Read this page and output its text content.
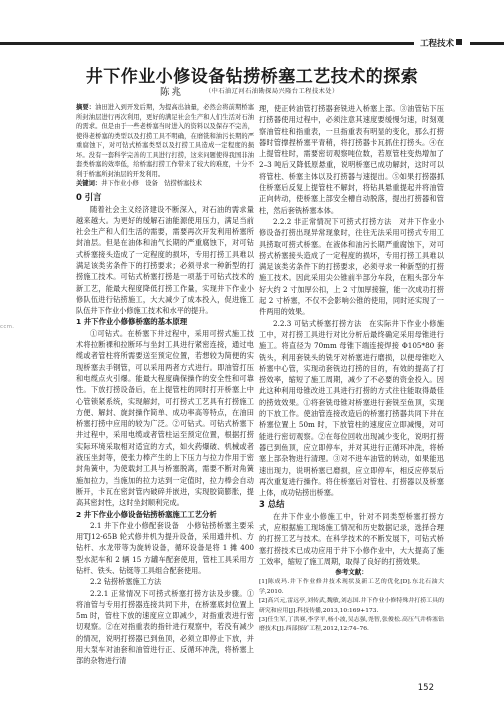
工程技术
井下作业小修设备钻捞桥塞工艺技术的探索
陈兆	（中石油辽河石油勘探局兴隆台工程技术处）
摘要：油田进入到开发后期，为提高出油量，必然会将前期桥塞所封油层进行再次利用，更好的满足社会生产和人们生活对石油的需求。但是由于一些老桥塞当时进入的资料以及保存不完善，使得老桥塞的类型以及打捞工具不明确，在磨铣和油污长期的严重腐蚀下，对可钻式桥塞类型以及打捞工具造成一定程度的损坏。没有一套科学完善的工具进行打捞，这来问题使得我国非油套类桥塞的效率低，给桥塞打捞工作带来了较大的难度，十分不利于桥塞所封油层的开发利用。
关键词：井下作业小修　设备　钻捞桥塞技术
0 引言

随着社会主义经济建设不断深入，对石油的需求量越来越大。为更好的缓解石油能源使用压力，满足当前社会生产和人们生活的需要，需要再次开发利用桥塞所封油层。但是在油体和油气长期的严重腐蚀下，对可钻式桥塞接头造成了一定程度的损坏，专用打捞工具难以满足该类劣条件下的打捞要求；必须寻求一种新型的打捞施工技术。可钻式桥塞打捞是一项基于可钻式技术的新工艺，能最大程度降低打捞工作量，实现井下作业小修队伍进行钻捞施工，大大减少了成本投入，促进施工队伍井下作业小修施工技术和水平的提升。

1 井下作业小修修桥塞的基本原理

①可钻式。在桥塞下井过程中，采用可捞式施工技术将拉断裸和拉断环与坐封工具进行紧密连接，通过电缆或者管柱将所需要送至预定位置，若想较为简便的实现桥塞去手钢管，可以采用两者方式进行。即油管打压和电缆点火引爆。能最大程度确保操作的安全性和可靠性。下放打捞设备后，在上提管柱的同时打开桥塞上中心管锁紧系统，实现解封，可打捞式工艺具有打捞施工方便、解封、旋封操作简单、成功率高等特点，在油田桥塞打捞中应用的较为广泛。②可钻式。可钻式桥塞下井过程中，采用电缆或者管柱运至预定位置，根据打捞实际环境采取相对适宜的方式，如火药爆破、机械或者液压坐封等，使张力棒产生的上下压力与拉力作用于密封角簧中，为使载封工具与桥塞脱离，需要不断对角簧施加拉力，当施加的拉力达到一定值时，拉力棒会自动断开，卡瓦在密封管内破碎并嵌进，实现胶筒膨胀，提高其密封性，这时坐封顺利完成。

2 井下作业小修设备钻捞桥塞施工工艺分析

2.1 井下作业小修配套设备　小修钻捞桥塞主要采用TJ12-65B 轮式修井机为提升设备，采用通井机、方钻杆、水龙带等为旋转设备，循环设备是将 1 摊 400 型水泥车和 2 辆 15 方罐车配套使用，管柱工具采用方钻杆、铁头、钻铤等工具组合配套使用。

2.2 钻捞桥塞施工方法

2.2.1 正常情况下可捞式桥塞打捞方法及步骤。①将油管与专用打捞器连接共同下井，在桥塞底封位置上 5m 时，管柱下放的速度应立即减少，对指重表进行密切观察。②在对指重表的指针进行观察中，若没有减少的情况，说明打捞器已到鱼顶，必须立即停止下放，并用大泵车对油套和油管进行正、反循环冲洗，将桥塞上部的杂物进行清

理，使正转油管打捞器套铣进入桥塞上部。③油管钻下压打捞器使用过程中，必须注意其速度要缓慢匀速，时刻观察油管柱和指重表，一旦指重表有明显的变化，那么打捞器时管撑捏桥塞平青稍，将打捞器卡瓦抓住打捞头。④在上提管柱时，需要密切观察吨位数，若原管柱变热增加了2–3 吨后又降低原悬重，说明桥塞已成功解封，这时可以将管柱、桥塞主体以及打捞器与速提出。⑤如果打捞器抓住桥塞后反复上提管柱不解封，将钻具悬重提起并将油管正向转动，使桥塞上部安全槽自动脱落，提出打捞器和管柱，然后套铣桥塞本体。

2.2.2 非正常情况下可捞式打捞方法　对井下作业小修设备打捞出现异常现象时，往往无法采用可捞式专用工具捞取可捞式桥塞。在液体和油污长期严重腐蚀下，对可捞式桥塞接头造成了一定程度的损坏，专用打捞工具难以满足该类劣条件下的打捞要求，必须寻求一种新型的打捞施工技术。因此采用尖公锥前半部分车段，在粗头部分车好大约 2 寸加厚公扣，上 2 寸加厚接箍，能一次成功打捞起 2 寸桥塞，不仅不会影响公锥的使用，同时还实现了一件两用的效果。

2.2.3 可钻式桥塞打捞方法　在实际井下作业小修施工中，对打捞工具进行对比分析后最终确定采用母锥进行施工。将直径为 70mm 母锥下端连接焊接 Φ105*80 套铣头，利用套铣头的铣牙对桥塞进行磨损，以便母锥吃入桥塞中心管，实现动套铣边打捞的目的，有效的提高了打捞效率，缩短了施工周期，减少了不必要的资金投入。因此这种利用母锥改进工具进行打捞的方式往往能取得最佳的捞效效果。①将套铣母锥对桥塞进行套铣至鱼顶，实现的下放工作。使油管连接改造后的桥塞打捞器共同下井在桥塞位置上 50m 时，下放管柱的速度应立即减慢，对可能进行密切观察。②在每位回收出现减少变化，说明打捞器已到鱼顶，应立即停车，并对其进行正循环冲洗，将桥塞上部杂物进行清理。③对不进车油管的转动，如果能迅速出现力，说明桥塞已磨损，应立即停车，相反应停泵后再次重复进行操作。将住桥塞后对管柱、打捞器以及桥塞上体，成功钻捞出桥塞。

3 总结

在井下作业小修施工中，针对不同类型桥塞打捞方式，应根据施工现场施工情况和历史数据记录，选择合理的打捞工艺与技术。在科学技术的不断发展下，可钻式桥塞打捞技术已成功应用于井下小修作业中，大大提高了施工效率，缩短了施工周期，取得了良好的打捞效果。

参考文献：
[1]陈成玛.井下作业修井技术现状及新工艺的优化[D].东北石油大学,2010.
[2]高兴元,雷远亭,刘传武,魏敏,刘志国.井下作业小修特殊井打捞工具的研究和应用[J].科技传播,2013,10:169+173.
[3]任生军,丁洪赛,李学平,杨小波,吴志强,尧智,张俊松.高压气井桥塞钻磨技术[J].西部探矿工程,2012,12:74–76.
ccm．
152
